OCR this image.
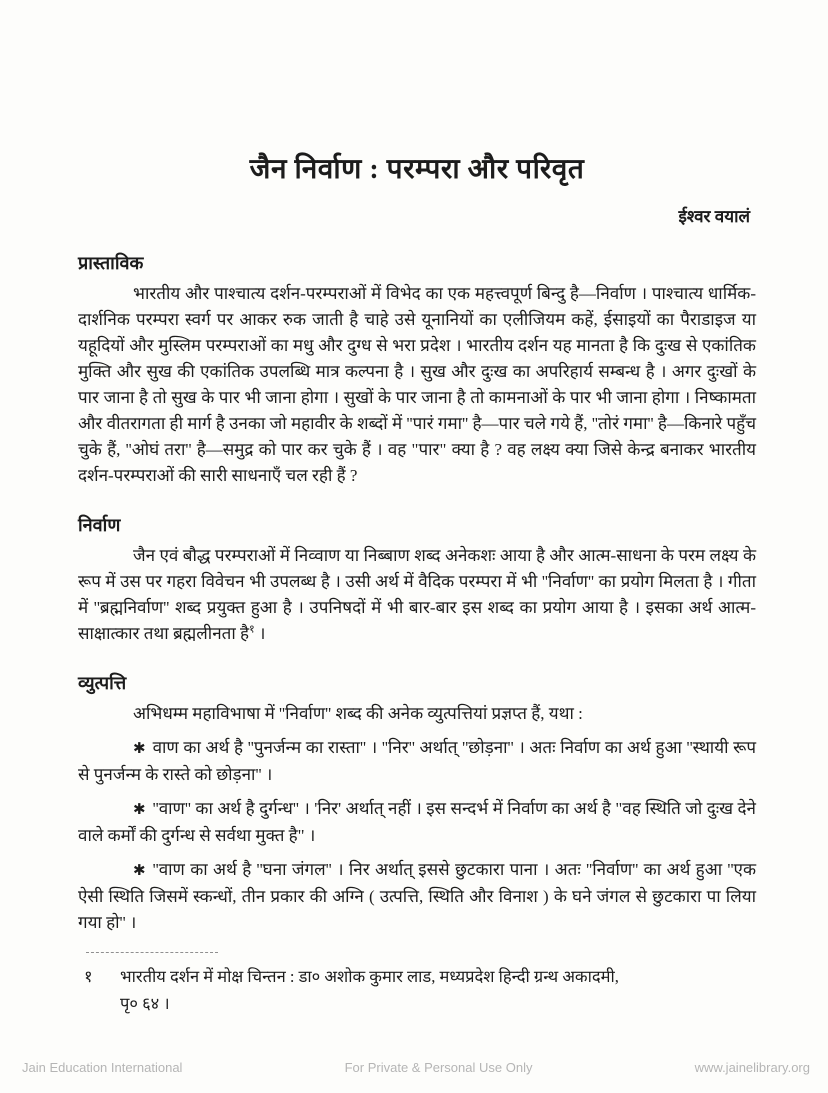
जैन निर्वाण : परम्परा और परिवृत
ईश्वर वयालं
प्रास्ताविक

भारतीय और पाश्चात्य दर्शन-परम्पराओं में विभेद का एक महत्त्वपूर्ण बिन्दु है—निर्वाण । पाश्चात्य धार्मिक-दार्शनिक परम्परा स्वर्ग पर आकर रुक जाती है चाहे उसे यूनानियों का एलीजियम कहें, ईसाइयों का पैराडाइज या यहूदियों और मुस्लिम परम्पराओं का मधु और दुग्ध से भरा प्रदेश । भारतीय दर्शन यह मानता है कि दुःख से एकांतिक मुक्ति और सुख की एकांतिक उपलब्धि मात्र कल्पना है । सुख और दुःख का अपरिहार्य सम्बन्ध है । अगर दुःखों के पार जाना है तो सुख के पार भी जाना होगा । सुखों के पार जाना है तो कामनाओं के पार भी जाना होगा । निष्कामता और वीतरागता ही मार्ग है उनका जो महावीर के शब्दों में ''पारं गमा'' है—पार चले गये हैं, ''तोरं गमा'' है—किनारे पहुँच चुके हैं, ''ओघं तरा'' है—समुद्र को पार कर चुके हैं । वह "पार" क्या है ? वह लक्ष्य क्या जिसे केन्द्र बनाकर भारतीय दर्शन-परम्पराओं की सारी साधनाएँ चल रही हैं ?

निर्वाण

जैन एवं बौद्ध परम्पराओं में निव्वाण या निब्बाण शब्द अनेकशः आया है और आत्म-साधना के परम लक्ष्य के रूप में उस पर गहरा विवेचन भी उपलब्ध है । उसी अर्थ में वैदिक परम्परा में भी ''निर्वाण'' का प्रयोग मिलता है । गीता में ''ब्रह्मनिर्वाण'' शब्द प्रयुक्त हुआ है । उपनिषदों में भी बार-बार इस शब्द का प्रयोग आया है । इसका अर्थ आत्म-साक्षात्कार तथा ब्रह्मलीनता है$^१$ ।

व्युत्पत्ति

अभिधम्म महाविभाषा में ''निर्वाण'' शब्द की अनेक व्युत्पत्तियां प्रज्ञप्त हैं, यथा :

✱ वाण का अर्थ है ''पुनर्जन्म का रास्ता'' । ''निर'' अर्थात् ''छोड़ना'' । अतः निर्वाण का अर्थ हुआ ''स्थायी रूप से पुनर्जन्म के रास्ते को छोड़ना'' ।

✱ ''वाण'' का अर्थ है दुर्गन्ध'' । 'निर' अर्थात् नहीं । इस सन्दर्भ में निर्वाण का अर्थ है "वह स्थिति जो दुःख देने वाले कर्मों की दुर्गन्ध से सर्वथा मुक्त है" ।

✱ ''वाण का अर्थ है ''घना जंगल'' । निर अर्थात् इससे छुटकारा पाना । अतः ''निर्वाण'' का अर्थ हुआ ''एक ऐसी स्थिति जिसमें स्कन्धों, तीन प्रकार की अग्नि ( उत्पत्ति, स्थिति और विनाश ) के घने जंगल से छुटकारा पा लिया गया हो'' ।

१	भारतीय दर्शन में मोक्ष चिन्तन : डा० अशोक कुमार लाड, मध्यप्रदेश हिन्दी ग्रन्थ अकादमी,
पृ० ६४ ।
Jain Education International	For Private & Personal Use Only	www.jainelibrary.org
